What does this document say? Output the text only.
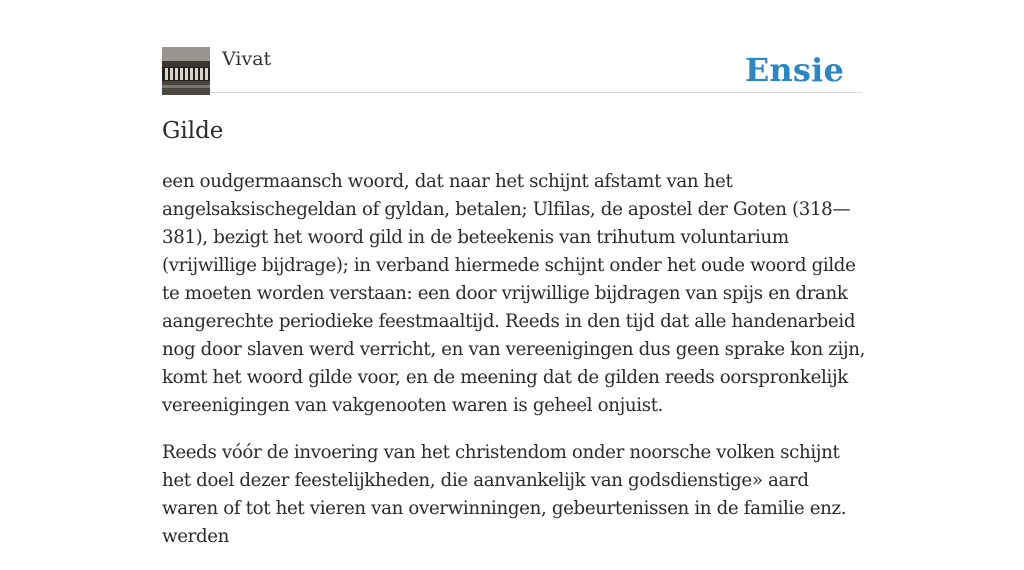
Vivat	Ensie
Gilde

een oudgermaansch woord, dat naar het schijnt afstamt van het angelsaksischegeldan of gyldan, betalen; Ulfilas, de apostel der Goten (318—381), bezigt het woord gild in de beteekenis van trihutum voluntarium (vrijwillige bijdrage); in verband hiermede schijnt onder het oude woord gilde te moeten worden verstaan: een door vrijwillige bijdragen van spijs en drank aangerechte periodieke feestmaaltijd. Reeds in den tijd dat alle handenarbeid nog door slaven werd verricht, en van vereenigingen dus geen sprake kon zijn, komt het woord gilde voor, en de meening dat de gilden reeds oorspronkelijk vereenigingen van vakgenooten waren is geheel onjuist.

Reeds vóór de invoering van het christendom onder noorsche volken schijnt het doel dezer feestelijkheden, die aanvankelijk van godsdienstige» aard waren of tot het vieren van overwinningen, gebeurtenissen in de familie enz. werden
